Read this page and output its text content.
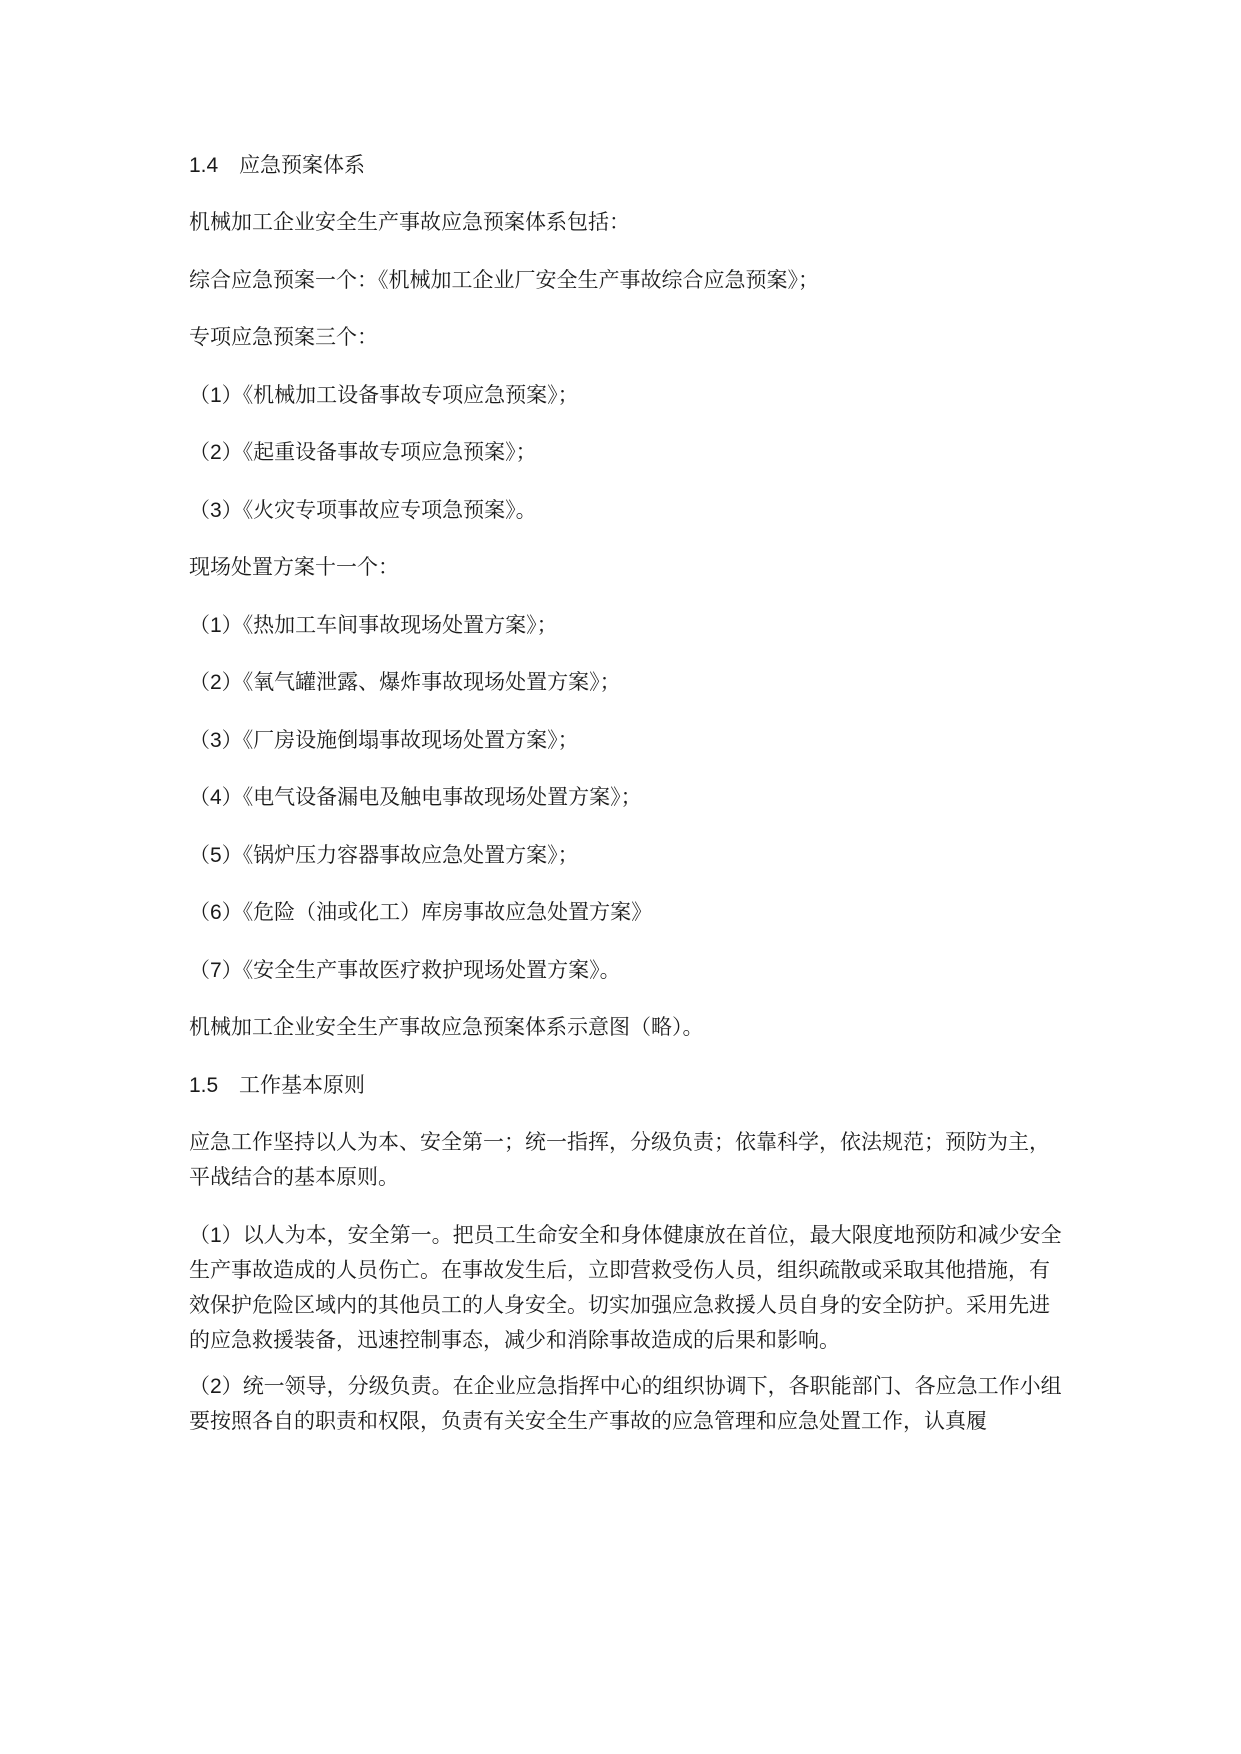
1.4 应急预案体系
机械加工企业安全生产事故应急预案体系包括：
综合应急预案一个：《机械加工企业厂安全生产事故综合应急预案》；
专项应急预案三个：
（1）《机械加工设备事故专项应急预案》；
（2）《起重设备事故专项应急预案》；
（3）《火灾专项事故应专项急预案》。
现场处置方案十一个：
（1）《热加工车间事故现场处置方案》；
（2）《氧气罐泄露、爆炸事故现场处置方案》；
（3）《厂房设施倒塌事故现场处置方案》；
（4）《电气设备漏电及触电事故现场处置方案》；
（5）《锅炉压力容器事故应急处置方案》；
（6）《危险（油或化工）库房事故应急处置方案》
（7）《安全生产事故医疗救护现场处置方案》。
机械加工企业安全生产事故应急预案体系示意图（略）。
1.5 工作基本原则
应急工作坚持以人为本、安全第一；统一指挥，分级负责；依靠科学，依法规范；预防为主，平战结合的基本原则。
（1）以人为本，安全第一。把员工生命安全和身体健康放在首位，最大限度地预防和减少安全生产事故造成的人员伤亡。在事故发生后，立即营救受伤人员，组织疏散或采取其他措施，有效保护危险区域内的其他员工的人身安全。切实加强应急救援人员自身的安全防护。采用先进的应急救援装备，迅速控制事态，减少和消除事故造成的后果和影响。
（2）统一领导，分级负责。在企业应急指挥中心的组织协调下，各职能部门、各应急工作小组要按照各自的职责和权限，负责有关安全生产事故的应急管理和应急处置工作，认真履
